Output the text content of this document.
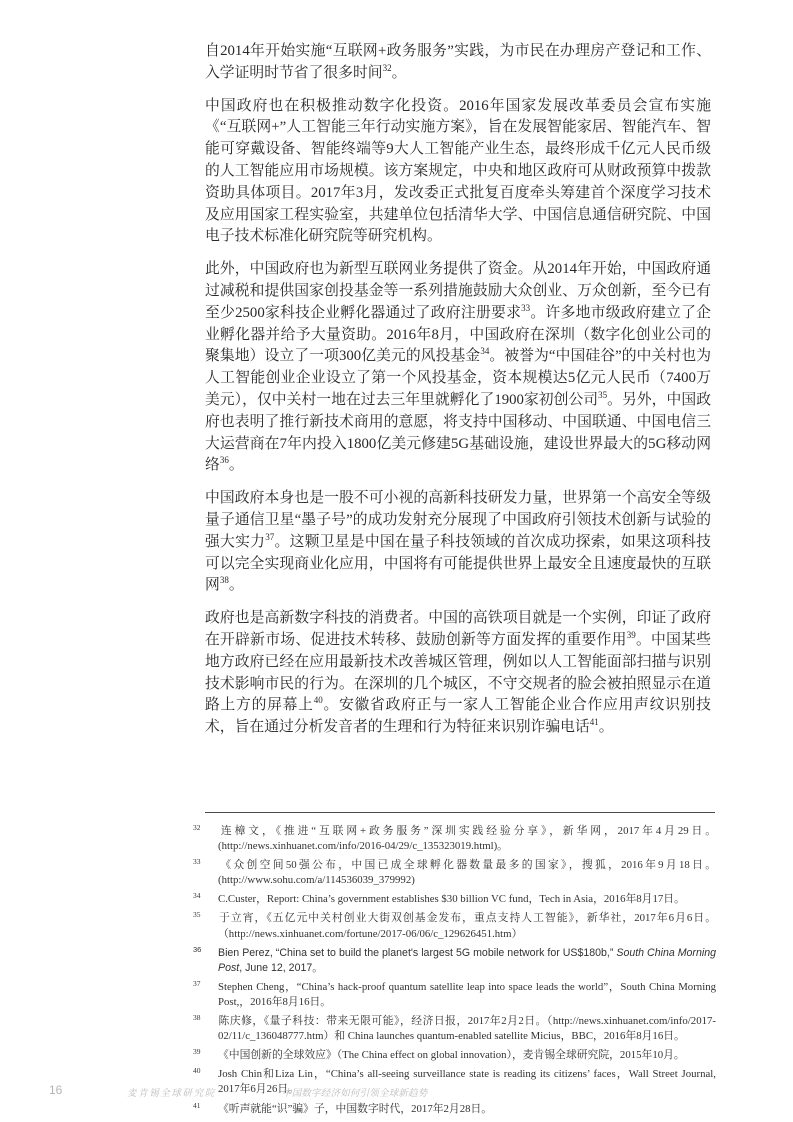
自2014年开始实施“互联网+政务服务”实践，为市民在办理房产登记和工作、入学证明时节省了很多时间$^{32}$。

中国政府也在积极推动数字化投资。2016年国家发展改革委员会宣布实施《“互联网+”人工智能三年行动实施方案》，旨在发展智能家居、智能汽车、智能可穿戴设备、智能终端等9大人工智能产业生态，最终形成千亿元人民币级的人工智能应用市场规模。该方案规定，中央和地区政府可从财政预算中拨款资助具体项目。2017年3月，发改委正式批复百度牵头筹建首个深度学习技术及应用国家工程实验室，共建单位包括清华大学、中国信息通信研究院、中国电子技术标准化研究院等研究机构。

此外，中国政府也为新型互联网业务提供了资金。从2014年开始，中国政府通过减税和提供国家创投基金等一系列措施鼓励大众创业、万众创新，至今已有至少2500家科技企业孵化器通过了政府注册要求$^{33}$。许多地市级政府建立了企业孵化器并给予大量资助。2016年8月，中国政府在深圳（数字化创业公司的聚集地）设立了一项300亿美元的风投基金$^{34}$。被誉为“中国硅谷”的中关村也为人工智能创业企业设立了第一个风投基金，资本规模达5亿元人民币（7400万美元），仅中关村一地在过去三年里就孵化了1900家初创公司$^{35}$。另外，中国政府也表明了推行新技术商用的意愿，将支持中国移动、中国联通、中国电信三大运营商在7年内投入1800亿美元修建5G基础设施，建设世界最大的5G移动网络$^{36}$。

中国政府本身也是一股不可小视的高新科技研发力量，世界第一个高安全等级量子通信卫星“墨子号”的成功发射充分展现了中国政府引领技术创新与试验的强大实力$^{37}$。这颗卫星是中国在量子科技领域的首次成功探索，如果这项科技可以完全实现商业化应用，中国将有可能提供世界上最安全且速度最快的互联网$^{38}$。

政府也是高新数字科技的消费者。中国的高铁项目就是一个实例，印证了政府在开辟新市场、促进技术转移、鼓励创新等方面发挥的重要作用$^{39}$。中国某些地方政府已经在应用最新技术改善城区管理，例如以人工智能面部扫描与识别技术影响市民的行为。在深圳的几个城区，不守交规者的脸会被拍照显示在道路上方的屏幕上$^{40}$。安徽省政府正与一家人工智能企业合作应用声纹识别技术，旨在通过分析发音者的生理和行为特征来识别诈骗电话$^{41}$。

32 连樟文，《推进“互联网+政务服务”深圳实践经验分享》，新华网，2017年4月29日。(http://news.xinhuanet.com/info/2016-04/29/c_135323019.html)。
33 《众创空间50强公布，中国已成全球孵化器数量最多的国家》，搜狐，2016年9月18日。(http://www.sohu.com/a/114536039_379992)
34 C.Custer，Report: China’s government establishes $30 billion VC fund，Tech in Asia，2016年8月17日。
35 于立宵，《五亿元中关村创业大街双创基金发布，重点支持人工智能》，新华社，2017年6月6日。（http://news.xinhuanet.com/fortune/2017-06/06/c_129626451.htm）
36 Bien Perez, “China set to build the planet's largest 5G mobile network for US$180b,” South China Morning Post, June 12, 2017。
37 Stephen Cheng，“China’s hack-proof quantum satellite leap into space leads the world”，South China Morning Post,，2016年8月16日。
38 陈庆修，《量子科技：带来无限可能》，经济日报，2017年2月2日。（http://news.xinhuanet.com/info/2017-02/11/c_136048777.htm）和 China launches quantum-enabled satellite Micius，BBC，2016年8月16日。
39 《中国创新的全球效应》（The China effect on global innovation），麦肯锡全球研究院，2015年10月。
40 Josh Chin和Liza Lin，“China’s all-seeing surveillance state is reading its citizens’ faces，Wall Street Journal, 2017年6月26日。
41 《听声就能“识”骗》子，中国数字时代，2017年2月28日。
16	麦肯锡全球研究院	中国数字经济如何引领全球新趋势
